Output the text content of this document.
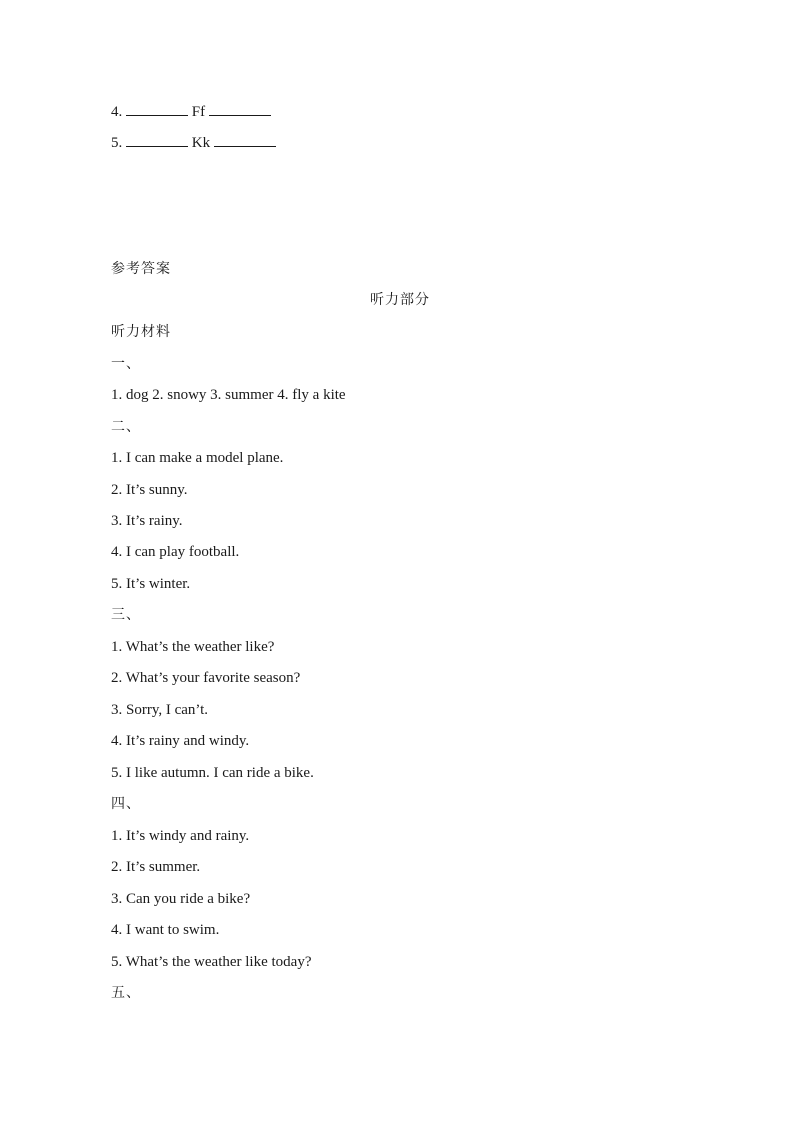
4.	Ff
5.	Kk
参考答案
听力部分
听力材料
一、
1. dog 2. snowy 3. summer 4. fly a kite
二、
1. I can make a model plane.
2. It’s sunny.
3. It’s rainy.
4. I can play football.
5. It’s winter.
三、
1. What’s the weather like?
2. What’s your favorite season?
3. Sorry, I can’t.
4. It’s rainy and windy.
5. I like autumn. I can ride a bike.
四、
1. It’s windy and rainy.
2. It’s summer.
3. Can you ride a bike?
4. I want to swim.
5. What’s the weather like today?
五、
